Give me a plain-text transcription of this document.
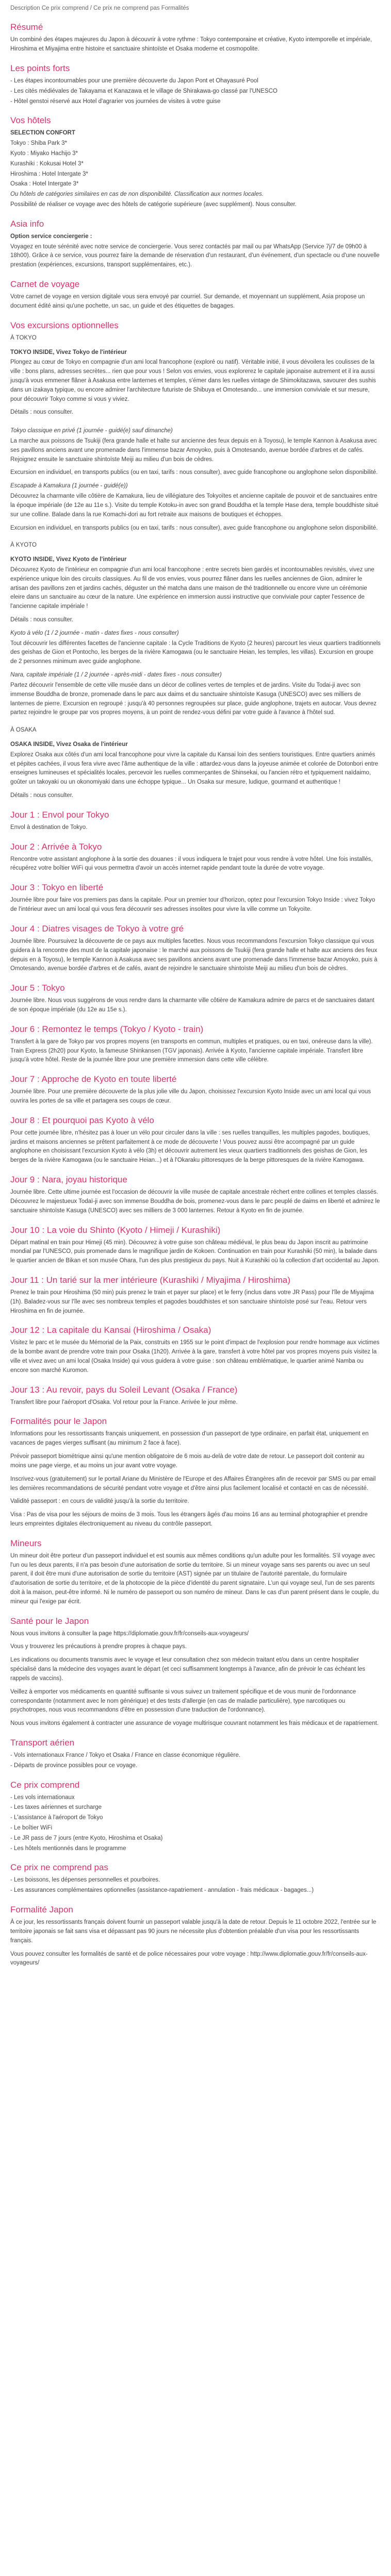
Description Ce prix comprend / Ce prix ne comprend pas Formalités

Résumé

Un combiné des étapes majeures du Japon à découvrir à votre rythme : Tokyo contemporaine et créative, Kyoto intemporelle et impériale, Hiroshima et Miyajima entre histoire et sanctuaire shintoïste et Osaka moderne et cosmopolite.

Les points forts

- Les étapes incontournables pour une première découverte du Japon Pont et Ohayasuré Pool

- Les cités médiévales de Takayama et Kanazawa et le village de Shirakawa-go classé par l'UNESCO

- Hôtel genstoi réservé aux Hotel d'agrarier vos journées de visites à votre guise

Vos hôtels

SELECTION CONFORT

Tokyo : Shiba Park 3*

Kyoto : Miyako Hachijo 3*

Kurashiki : Kokusai Hotel 3*

Hiroshima : Hotel Intergate 3*

Osaka : Hotel Intergate 3*

Ou hôtels de catégories similaires en cas de non disponibilité. Classification aux normes locales.

Possibilité de réaliser ce voyage avec des hôtels de catégorie supérieure (avec supplément). Nous consulter.

Asia info

Option service conciergerie :

Voyagez en toute sérénité avec notre service de conciergerie. Vous serez contactés par mail ou par WhatsApp (Service 7j/7 de 09h00 à 18h00). Grâce à ce service, vous pourrez faire la demande de réservation d'un restaurant, d'un événement, d'un spectacle ou d'une nouvelle prestation (expériences, excursions, transport supplémentaires, etc.).

Carnet de voyage

Votre carnet de voyage en version digitale vous sera envoyé par courriel. Sur demande, et moyennant un supplément, Asia propose un document édité ainsi qu'une pochette, un sac, un guide et des étiquettes de bagages.

Vos excursions optionnelles

À TOKYO

TOKYO INSIDE, Vivez Tokyo de l'intérieur

Plongez au cœur de Tokyo en compagnie d'un ami local francophone (exploré ou natif). Véritable initié, il vous dévoilera les coulisses de la ville : bons plans, adresses secrètes... rien que pour vous ! Selon vos envies, vous explorerez le capitale japonaise autrement et il ira aussi jusqu'à vous emmener flâner à Asakusa entre lanternes et temples, s'émer dans les ruelles vintage de Shimokitazawa, savourer des sushis dans un izakaya typique, ou encore admirer l'architecture futuriste de Shibuya et Omotesando... une immersion conviviale et sur mesure, pour découvrir Tokyo comme si vous y viviez.

Détails : nous consulter.

Tokyo classique en privé (1 journée - guidé(e) sauf dimanche)

La marche aux poissons de Tsukiji (fera grande halle et halte sur ancienne des feux depuis en à Toyosu), le temple Kannon à Asakusa avec ses pavillons anciens avant une promenade dans l'immense bazar Amoyoko, puis à Omotesando, avenue bordée d'arbres et de cafés. Rejoignez ensuite le sanctuaire shintoïste Meiji au milieu d'un bois de cèdres.

Excursion en individuel, en transports publics (ou en taxi, tarifs : nous consulter), avec guide francophone ou anglophone selon disponibilité.

Escapade à Kamakura (1 journée - guidé(e))

Découvrez la charmante ville côtière de Kamakura, lieu de villégiature des Tokyoïtes et ancienne capitale de pouvoir et de sanctuaires entre la époque impériale (de 12e au 11e s.). Visite du temple Kotoku-in avec son grand Bouddha et la temple Hase dera, temple bouddhiste situé sur une colline. Balade dans la rue Komachi-dori au fort retraite aux maisons de boutiques et échoppes.

Excursion en individuel, en transports publics (ou en taxi, tarifs : nous consulter), avec guide francophone ou anglophone selon disponibilité.

À KYOTO

KYOTO INSIDE, Vivez Kyoto de l'intérieur

Découvrez Kyoto de l'intérieur en compagnie d'un ami local francophone : entre secrets bien gardés et incontournables revisités, vivez une expérience unique loin des circuits classiques. Au fil de vos envies, vous pourrez flâner dans les ruelles anciennes de Gion, admirer le artisan des pavillons zen et jardins cachés, déguster un thé matcha dans une maison de thé traditionnelle ou encore vivre un cérémonie eleire dans un sanctuaire au cœur de la nature. Une expérience en immersion aussi instructive que conviviale pour capter l'essence de l'ancienne capitale impériale !

Détails : nous consulter.

Kyoto à vélo (1 / 2 journée - matin - dates fixes - nous consulter)

Tout découvrir les différentes facettes de l'ancienne capitale : la Cycle Traditions de Kyoto (2 heures) parcourt les vieux quartiers traditionnels des geishas de Gion et Pontocho, les berges de la rivière Kamogawa (ou le sanctuaire Heian, les temples, les villas). Excursion en groupe de 2 personnes minimum avec guide anglophone.

Nara, capitale impériale (1 / 2 journée - après-midi - dates fixes - nous consulter)

Partez découvrir l'ensemble de cette ville musée dans un décor de collines vertes de temples et de jardins. Visite du Todai-ji avec son immense Bouddha de bronze, promenade dans le parc aux daims et du sanctuaire shintoïste Kasuga (UNESCO) avec ses milliers de lanternes de pierre. Excursion en regroupé : jusqu'à 40 personnes regroupées sur place, guide anglophone, trajets en autocar. Vous devrez partez rejoindre le groupe par vos propres moyens, à un point de rendez-vous défini par votre guide à l'avance à l'hôtel sud.

À OSAKA

OSAKA INSIDE, Vivez Osaka de l'intérieur

Explorez Osaka aux côtés d'un ami local francophone pour vivre la capitale du Kansai loin des sentiers touristiques. Entre quartiers animés et pépites cachées, il vous fera vivre avec l'âme authentique de la ville : attardez-vous dans la joyeuse animée et colorée de Dotonbori entre enseignes lumineuses et spécialités locales, percevoir les ruelles commerçantes de Shinsekai, ou l'ancien rétro et typiquement naïdaimo, goûter un takoyaki ou un okonomiyaki dans une échoppe typique... Un Osaka sur mesure, ludique, gourmand et authentique !

Détails : nous consulter.

Jour 1 : Envol pour Tokyo

Envol à destination de Tokyo.

Jour 2 : Arrivée à Tokyo

Rencontre votre assistant anglophone à la sortie des douanes : il vous indiquera le trajet pour vous rendre à votre hôtel. Une fois installés, récupérez votre boîtier WiFi qui vous permettra d'avoir un accès internet rapide pendant toute la durée de votre voyage.

Jour 3 : Tokyo en liberté

Journée libre pour faire vos premiers pas dans la capitale. Pour un premier tour d'horizon, optez pour l'excursion Tokyo Inside : vivez Tokyo de l'intérieur avec un ami local qui vous fera découvrir ses adresses insolites pour vivre la ville comme un Tokyoïte.

Jour 4 : Diatres visages de Tokyo à votre gré

Journée libre. Poursuivez la découverte de ce pays aux multiples facettes. Nous vous recommandons l'excursion Tokyo classique qui vous guidera à la rencontre des must de la capitale japonaise : le marché aux poissons de Tsukiji (fera grande halle et halte aux anciens des feux depuis en à Toyosu), le temple Kannon à Asakusa avec ses pavillons anciens avant une promenade dans l'immense bazar Amoyoko, puis à Omotesando, avenue bordée d'arbres et de cafés, avant de rejoindre le sanctuaire shintoïste Meiji au milieu d'un bois de cèdres.

Jour 5 : Tokyo

Journée libre. Nous vous suggérons de vous rendre dans la charmante ville côtière de Kamakura admire de parcs et de sanctuaires datant de son époque impériale (du 12e au 15e s.).

Jour 6 : Remontez le temps (Tokyo / Kyoto - train)

Transfert à la gare de Tokyo par vos propres moyens (en transports en commun, multiples et pratiques, ou en taxi, onéreuse dans la ville). Train Express (2h20) pour Kyoto, la fameuse Shinkansen (TGV japonais). Arrivée à Kyoto, l'ancienne capitale impériale. Transfert libre jusqu'à votre hôtel. Reste de la journée libre pour une première immersion dans cette ville célèbre.

Jour 7 : Approche de Kyoto en toute liberté

Journée libre. Pour une première découverte de la plus jolie ville du Japon, choisissez l'excursion Kyoto Inside avec un ami local qui vous ouvrira les portes de sa ville et partagera ses coups de cœur.

Jour 8 : Et pourquoi pas Kyoto à vélo

Pour cette journée libre, n'hésitez pas à louer un vélo pour circuler dans la ville : ses ruelles tranquilles, les multiples pagodes, boutiques, jardins et maisons anciennes se prêtent parfaitement à ce mode de découverte ! Vous pouvez aussi être accompagné par un guide anglophone en choisissant l'excursion Kyoto à vélo (3h) et découvrir autrement les vieux quartiers traditionnels des geishas de Gion, les berges de la rivière Kamogawa (ou le sanctuaire Heian...) et à l'Okaraku pittoresques de la berge pittoresques de la rivière Kamogawa.

Jour 9 : Nara, joyau historique

Journée libre. Cette ultime journée est l'occasion de découvrir la ville musée de capitale ancestrale réchert entre collines et temples classés. Découvrez le majestueux Todaï-ji avec son immense Bouddha de bois, promenez-vous dans le parc peuplé de daims en liberté et admirez le sanctuaire shintoïste Kasuga (UNESCO) avec ses milliers de 3 000 lanternes. Retour à Kyoto en fin de journée.

Jour 10 : La voie du Shinto (Kyoto / Himeji / Kurashiki)

Départ matinal en train pour Himeji (45 min). Découvrez à votre guise son château médiéval, le plus beau du Japon inscrit au patrimoine mondial par l'UNESCO, puis promenade dans le magnifique jardin de Kokoen. Continuation en train pour Kurashiki (50 min), la balade dans le quartier ancien de Bikan et son musée Ohara, l'un des plus prestigieux du pays. Nuit à Kurashiki où la collection d'art occidental au Japon.

Jour 11 : Un tarié sur la mer intérieure (Kurashiki / Miyajima / Hiroshima)

Prenez le train pour Hiroshima (50 min) puis prenez le train et payer sur place) et le ferry (inclus dans votre JR Pass) pour l'île de Miyajima (1h). Baladez-vous sur l'île avec ses nombreux temples et pagodes bouddhistes et son sanctuaire shintoïste posé sur l'eau. Retour vers Hiroshima en fin de journée.

Jour 12 : La capitale du Kansai (Hiroshima / Osaka)

Visitez le parc et le musée du Mémorial de la Paix, construits en 1955 sur le point d'impact de l'explosion pour rendre hommage aux victimes de la bombe avant de prendre votre train pour Osaka (1h20). Arrivée à la gare, transfert à votre hôtel par vos propres moyens puis visitez la ville et vivez avec un ami local (Osaka Inside) qui vous guidera à votre guise : son château emblématique, le quartier animé Namba ou encore son marché Kuromon.

Jour 13 : Au revoir, pays du Soleil Levant (Osaka / France)

Transfert libre pour l'aéroport d'Osaka. Vol retour pour la France. Arrivée le jour même.

Formalités pour le Japon

Informations pour les ressortissants français uniquement, en possession d'un passeport de type ordinaire, en parfait état, uniquement en vacances de pages vierges suffisant (au minimum 2 face à face).

Prévoir passeport biométrique ainsi qu'une mention obligatoire de 6 mois au-delà de votre date de retour. Le passeport doit contenir au moins une page vierge, et au moins un jour avant votre voyage.

Inscrivez-vous (gratuitement) sur le portail Ariane du Ministère de l'Europe et des Affaires Étrangères afin de recevoir par SMS ou par email les dernières recommandations de sécurité pendant votre voyage et d'être ainsi plus facilement localisé et contacté en cas de nécessité.

Validité passeport : en cours de validité jusqu'à la sortie du territoire.

Visa : Pas de visa pour les séjours de moins de 3 mois. Tous les étrangers âgés d'au moins 16 ans au terminal photographier et prendre leurs empreintes digitales électroniquement au niveau du contrôle passeport.

Mineurs

Un mineur doit être porteur d'un passeport individuel et est soumis aux mêmes conditions qu'un adulte pour les formalités. S'il voyage avec l'un ou les deux parents, il n'a pas besoin d'une autorisation de sortie du territoire. Si un mineur voyage sans ses parents ou avec un seul parent, il doit être muni d'une autorisation de sortie du territoire (AST) signée par un titulaire de l'autorité parentale, du formulaire d'autorisation de sortie du territoire, et de la photocopie de la pièce d'identité du parent signataire. L'un qui voyage seul, l'un de ses parents doit à la maison, peut-être informé. Ni le numéro de passeport ou son numéro de mineur. Dans le cas d'un parent présent dans le couple, du mineur qui l'exige par écrit.

Santé pour le Japon

Nous vous invitons à consulter la page https://diplomatie.gouv.fr/fr/conseils-aux-voyageurs/

Vous y trouverez les précautions à prendre propres à chaque pays.

Les indications ou documents transmis avec le voyage et leur consultation chez son médecin traitant et/ou dans un centre hospitalier spécialisé dans la médecine des voyages avant le départ (et ceci suffisamment longtemps à l'avance, afin de prévoir le cas échéant les rappels de vaccins).

Veillez à emporter vos médicaments en quantité suffisante si vous suivez un traitement spécifique et de vous munir de l'ordonnance correspondante (notamment avec le nom générique) et des tests d'allergie (en cas de maladie particulière), type narcotiques ou psychotropes, nous vous recommandons d'être en possession d'une traduction de l'ordonnance).

Nous vous invitons également à contracter une assurance de voyage multirisque couvrant notamment les frais médicaux et de rapatriement.

Transport aérien

- Vols internationaux France / Tokyo et Osaka / France en classe économique régulière.

- Départs de province possibles pour ce voyage.

Ce prix comprend

- Les vols internationaux

- Les taxes aériennes et surcharge

- L'assistance à l'aéroport de Tokyo

- Le boîtier WiFi

- Le JR pass de 7 jours (entre Kyoto, Hiroshima et Osaka)

- Les hôtels mentionnés dans le programme

Ce prix ne comprend pas

- Les boissons, les dépenses personnelles et pourboires.

- Les assurances complémentaires optionnelles (assistance-rapatriement - annulation - frais médicaux - bagages...)

Formalité Japon

À ce jour, les ressortissants français doivent fournir un passeport valable jusqu'à la date de retour. Depuis le 11 octobre 2022, l'entrée sur le territoire japonais se fait sans visa et dépassant pas 90 jours ne nécessite plus d'obtention préalable d'un visa pour les ressortissants français.

Vous pouvez consulter les formalités de santé et de police nécessaires pour votre voyage : http://www.diplomatie.gouv.fr/fr/conseils-aux-voyageurs/
